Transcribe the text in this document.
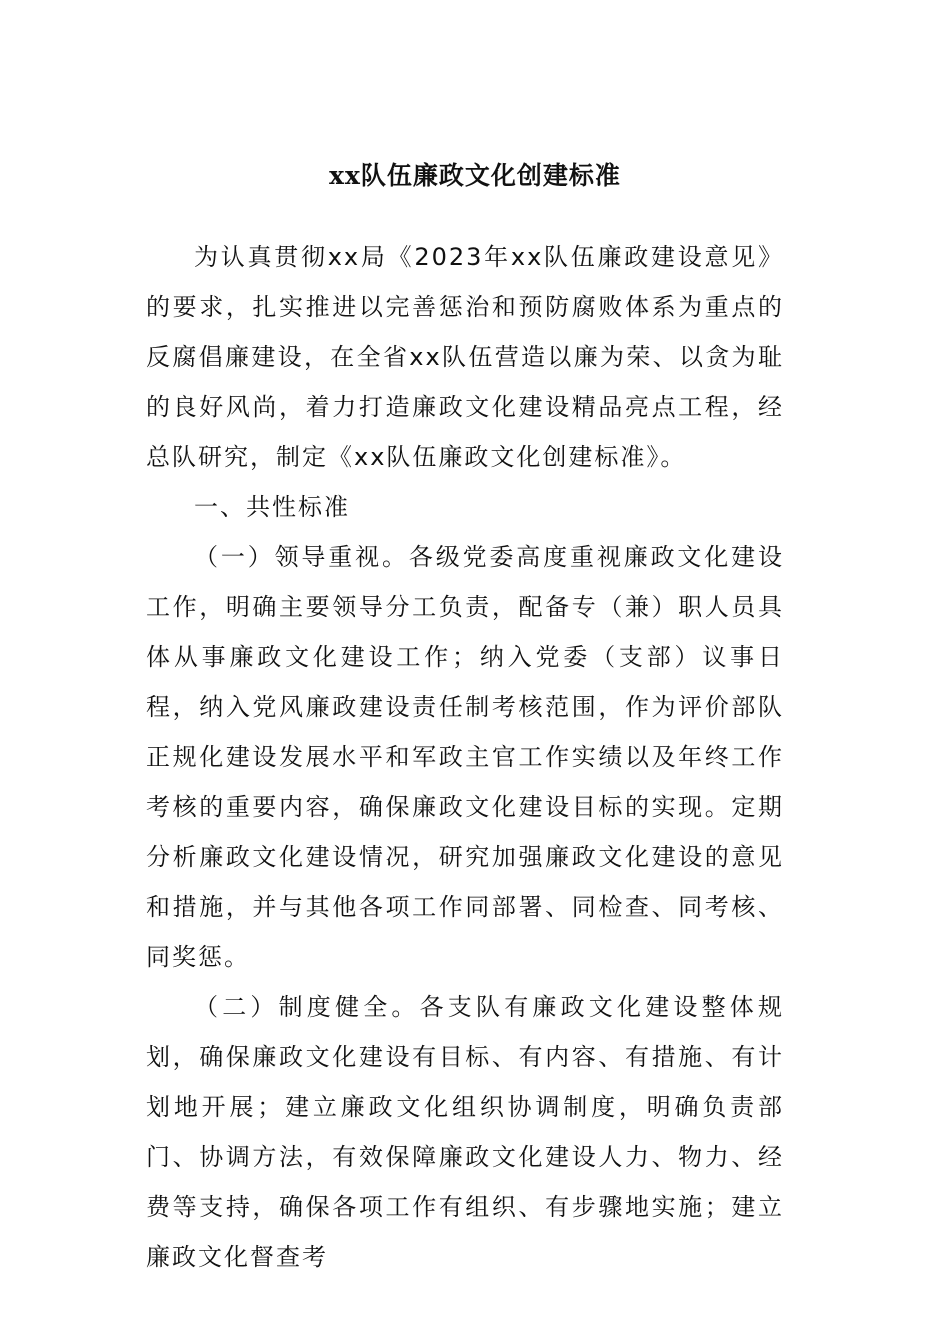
xx队伍廉政文化创建标准

为认真贯彻xx局《2023年xx队伍廉政建设意见》的要求，扎实推进以完善惩治和预防腐败体系为重点的反腐倡廉建设，在全省xx队伍营造以廉为荣、以贪为耻的良好风尚，着力打造廉政文化建设精品亮点工程，经总队研究，制定《xx队伍廉政文化创建标准》。

一、共性标准

（一）领导重视。各级党委高度重视廉政文化建设工作，明确主要领导分工负责，配备专（兼）职人员具体从事廉政文化建设工作；纳入党委（支部）议事日程，纳入党风廉政建设责任制考核范围，作为评价部队正规化建设发展水平和军政主官工作实绩以及年终工作考核的重要内容，确保廉政文化建设目标的实现。定期分析廉政文化建设情况，研究加强廉政文化建设的意见和措施，并与其他各项工作同部署、同检查、同考核、同奖惩。

（二）制度健全。各支队有廉政文化建设整体规划，确保廉政文化建设有目标、有内容、有措施、有计划地开展；建立廉政文化组织协调制度，明确负责部门、协调方法，有效保障廉政文化建设人力、物力、经费等支持，确保各项工作有组织、有步骤地实施；建立廉政文化督查考
